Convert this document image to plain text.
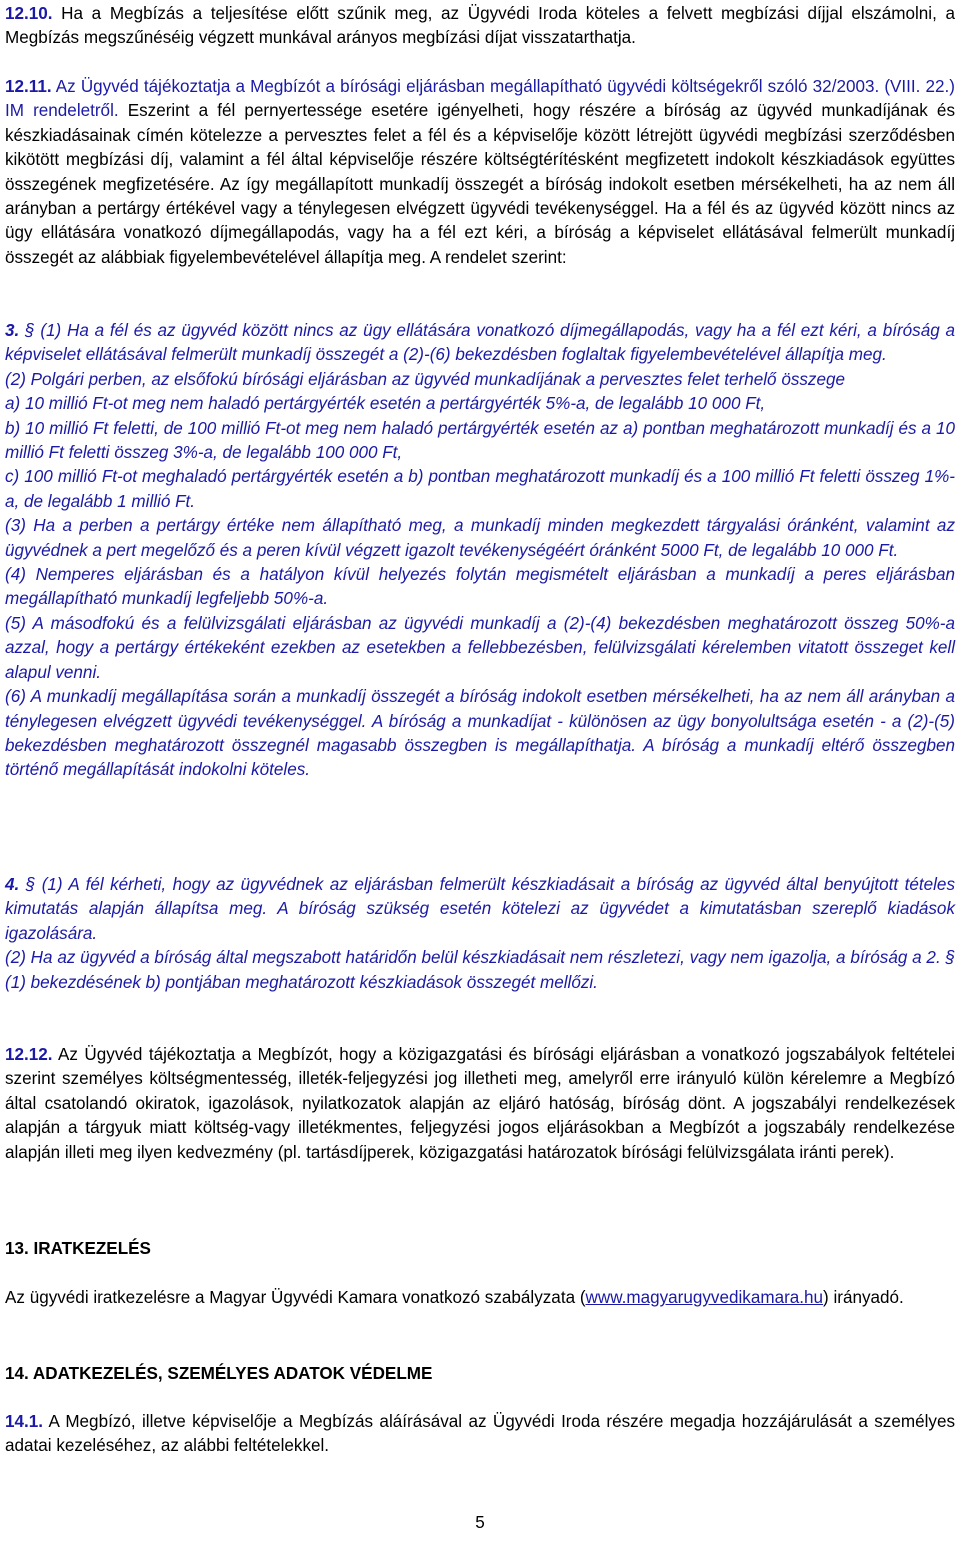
12.10. Ha a Megbízás a teljesítése előtt szűnik meg, az Ügyvédi Iroda köteles a felvett megbízási díjjal elszámolni, a Megbízás megszűnéséig végzett munkával arányos megbízási díjat visszatarthatja.

12.11. Az Ügyvéd tájékoztatja a Megbízót a bírósági eljárásban megállapítható ügyvédi költségekről szóló 32/2003. (VIII. 22.) IM rendeletről. Eszerint a fél pernyertessége esetére igényelheti, hogy részére a bíróság az ügyvéd munkadíjának és készkiadásainak címén kötelezze a pervesztes felet a fél és a képviselője között létrejött ügyvédi megbízási szerződésben kikötött megbízási díj, valamint a fél által képviselője részére költségtérítésként megfizetett indokolt készkiadások együttes összegének megfizetésére. Az így megállapított munkadíj összegét a bíróság indokolt esetben mérsékelheti, ha az nem áll arányban a pertárgy értékével vagy a ténylegesen elvégzett ügyvédi tevékenységgel. Ha a fél és az ügyvéd között nincs az ügy ellátására vonatkozó díjmegállapodás, vagy ha a fél ezt kéri, a bíróság a képviselet ellátásával felmerült munkadíj összegét az alábbiak figyelembevételével állapítja meg. A rendelet szerint:

3. § (1) Ha a fél és az ügyvéd között nincs az ügy ellátására vonatkozó díjmegállapodás, vagy ha a fél ezt kéri, a bíróság a képviselet ellátásával felmerült munkadíj összegét a (2)-(6) bekezdésben foglaltak figyelembevételével állapítja meg.

(2) Polgári perben, az elsőfokú bírósági eljárásban az ügyvéd munkadíjának a pervesztes felet terhelő összege

a) 10 millió Ft-ot meg nem haladó pertárgyérték esetén a pertárgyérték 5%-a, de legalább 10 000 Ft,

b) 10 millió Ft feletti, de 100 millió Ft-ot meg nem haladó pertárgyérték esetén az a) pontban meghatározott munkadíj és a 10 millió Ft feletti összeg 3%-a, de legalább 100 000 Ft,

c) 100 millió Ft-ot meghaladó pertárgyérték esetén a b) pontban meghatározott munkadíj és a 100 millió Ft feletti összeg 1%-a, de legalább 1 millió Ft.

(3) Ha a perben a pertárgy értéke nem állapítható meg, a munkadíj minden megkezdett tárgyalási óránként, valamint az ügyvédnek a pert megelőző és a peren kívül végzett igazolt tevékenységéért óránként 5000 Ft, de legalább 10 000 Ft.

(4) Nemperes eljárásban és a hatályon kívül helyezés folytán megismételt eljárásban a munkadíj a peres eljárásban megállapítható munkadíj legfeljebb 50%-a.

(5) A másodfokú és a felülvizsgálati eljárásban az ügyvédi munkadíj a (2)-(4) bekezdésben meghatározott összeg 50%-a azzal, hogy a pertárgy értékeként ezekben az esetekben a fellebbezésben, felülvizsgálati kérelemben vitatott összeget kell alapul venni.

(6) A munkadíj megállapítása során a munkadíj összegét a bíróság indokolt esetben mérsékelheti, ha az nem áll arányban a ténylegesen elvégzett ügyvédi tevékenységgel. A bíróság a munkadíjat - különösen az ügy bonyolultsága esetén - a (2)-(5) bekezdésben meghatározott összegnél magasabb összegben is megállapíthatja. A bíróság a munkadíj eltérő összegben történő megállapítását indokolni köteles.

4. § (1) A fél kérheti, hogy az ügyvédnek az eljárásban felmerült készkiadásait a bíróság az ügyvéd által benyújtott tételes kimutatás alapján állapítsa meg. A bíróság szükség esetén kötelezi az ügyvédet a kimutatásban szereplő kiadások igazolására.

(2) Ha az ügyvéd a bíróság által megszabott határidőn belül készkiadásait nem részletezi, vagy nem igazolja, a bíróság a 2. § (1) bekezdésének b) pontjában meghatározott készkiadások összegét mellőzi.

12.12. Az Ügyvéd tájékoztatja a Megbízót, hogy a közigazgatási és bírósági eljárásban a vonatkozó jogszabályok feltételei szerint személyes költségmentesség, illeték-feljegyzési jog illetheti meg, amelyről erre irányuló külön kérelemre a Megbízó által csatolandó okiratok, igazolások, nyilatkozatok alapján az eljáró hatóság, bíróság dönt. A jogszabályi rendelkezések alapján a tárgyuk miatt költség-vagy illetékmentes, feljegyzési jogos eljárásokban a Megbízót a jogszabály rendelkezése alapján illeti meg ilyen kedvezmény (pl. tartásdíjperek, közigazgatási határozatok bírósági felülvizsgálata iránti perek).

13. IRATKEZELÉS

Az ügyvédi iratkezelésre a Magyar Ügyvédi Kamara vonatkozó szabályzata (www.magyarugyvedikamara.hu) irányadó.

14. ADATKEZELÉS, SZEMÉLYES ADATOK VÉDELME

14.1. A Megbízó, illetve képviselője a Megbízás aláírásával az Ügyvédi Iroda részére megadja hozzájárulását a személyes adatai kezeléséhez, az alábbi feltételekkel.

5
